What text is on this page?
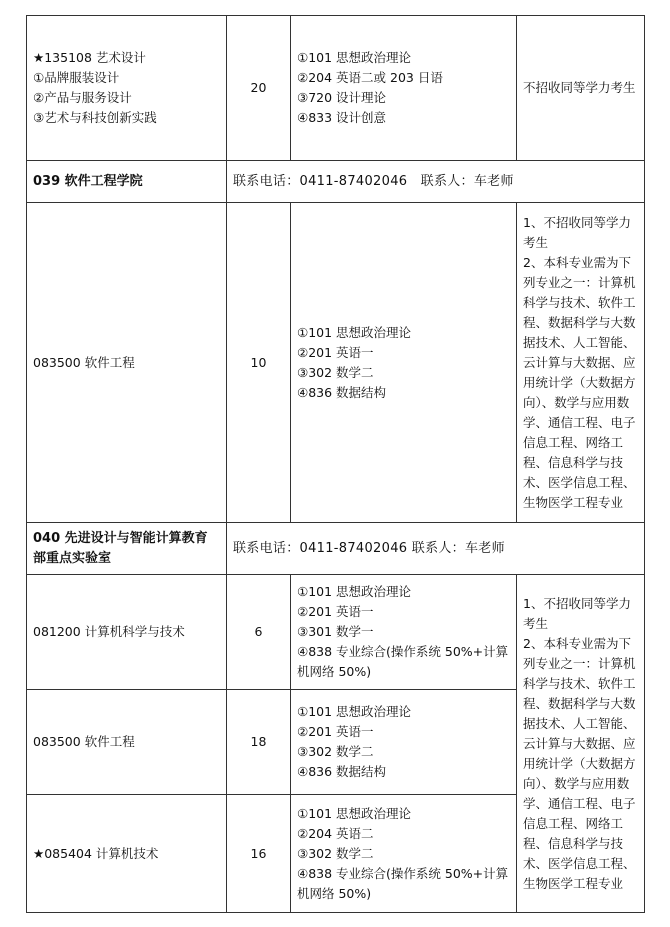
★135108 艺术设计
①品牌服装设计
②产品与服务设计
③艺术与科技创新实践	20	①101 思想政治理论
②204 英语二或 203 日语
③720 设计理论
④833 设计创意	不招收同等学力考生

039 软件工程学院	联系电话：0411-87402046　联系人：车老师		
083500 软件工程	10	①101 思想政治理论
②201 英语一
③302 数学二
④836 数据结构	1、不招收同等学力考生
2、本科专业需为下列专业之一：计算机科学与技术、软件工程、数据科学与大数据技术、人工智能、云计算与大数据、应用统计学（大数据方向）、数学与应用数学、通信工程、电子信息工程、网络工程、信息科学与技术、医学信息工程、生物医学工程专业

040 先进设计与智能计算教育部重点实验室	联系电话：0411-87402046 联系人：车老师		
081200 计算机科学与技术	6	①101 思想政治理论
②201 英语一
③301 数学一
④838 专业综合(操作系统 50%+计算机网络 50%)	1、不招收同等学力考生
2、本科专业需为下列专业之一：计算机科学与技术、软件工程、数据科学与大数据技术、人工智能、云计算与大数据、应用统计学（大数据方向）、数学与应用数学、通信工程、电子信息工程、网络工程、信息科学与技术、医学信息工程、生物医学工程专业

083500 软件工程	18	①101 思想政治理论
②201 英语一
③302 数学二
④836 数据结构	

★085404 计算机技术	16	①101 思想政治理论
②204 英语二
③302 数学二
④838 专业综合(操作系统 50%+计算机网络 50%)	
